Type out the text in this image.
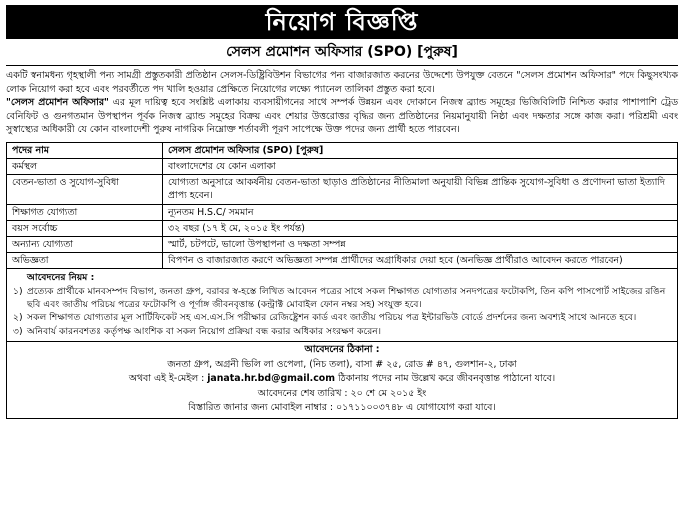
নিয়োগ বিজ্ঞপ্তি
সেলস প্রমোশন অফিসার (SPO) [পুরুষ]
একটি স্বনামধন্য গৃহস্থালী পন্য সামগ্রী প্রস্তুতকারী প্রতিষ্ঠান সেলস-ডিষ্ট্রিবিউশন বিভাগের পন্য বাজারজাত করনের উদ্দেশ্যে উপযুক্ত বেতনে "সেলস প্রমোশন অফিসার" পদে কিছুসংখ্যক লোক নিয়োগ করা হবে এবং পরবর্তীতে পদ খালি হওয়ার প্রেক্ষিতে নিয়োগের লক্ষ্যে প্যানেল তালিকা প্রস্তুত করা হবে।
"সেলস প্রমোশন অফিসার" এর মূল দায়িত্ব হবে সংশ্লিষ্ট এলাকায় ব্যবসায়ীগনের সাথে সম্পর্ক উন্নয়ন এবং দোকানে নিজস্ব ব্র্যান্ড সমূহের ভিজিবিলিটি নিশ্চিত করার পাশাপাশি ট্রেড বেনিফিট ও গুনগতমান উপস্থাপন পূর্বক নিজস্ব ব্র্যান্ড সমূহের বিক্রয় এবং শেয়ার উত্তরোত্তর বৃদ্ধির জন্য প্রতিষ্ঠানের নিয়মানুযায়ী নিষ্ঠা এবং দক্ষতার সঙ্গে কাজ করা। পরিশ্রমী এবং সুস্বাস্থ্যের অধিকারী যে কোন বাংলাদেশী পুরুষ নাগরিক নিম্নোক্ত শর্তাবলী পূরণ সাপেক্ষে উক্ত পদের জন্য প্রার্থী হতে পারবেন।
পদের নাম	সেলস প্রমোশন অফিসার (SPO) [পুরুষ]
কর্মস্থল	বাংলাদেশের যে কোন এলাকা
বেতন-ভাতা ও সুযোগ-সুবিধা	যোগ্যতা অনুসারে আকর্ষনীয় বেতন-ভাতা ছাড়াও প্রতিষ্ঠানের নীতিমালা অনুযায়ী বিভিন্ন প্রান্তিক সুযোগ-সুবিধা ও প্রণোদনা ভাতা ইত্যাদি প্রাপ্য হবেন।
শিক্ষাগত যোগ্যতা	ন্যূনতম H.S.C/ সমমান
বয়স সর্বোচ্চ	৩২ বছর (১৭ ই মে, ২০১৫ ইং পর্যন্ত)
অন্যান্য যোগ্যতা	স্মার্ট, চটপটে, ভালো উপস্থাপনা ও দক্ষতা সম্পন্ন
অভিজ্ঞতা	বিপণন ও বাজারজাত করণে অভিজ্ঞতা সম্পন্ন প্রার্থীদের অগ্রাধিকার দেয়া হবে (অনভিজ্ঞ প্রার্থীরাও আবেদন করতে পারবেন)
আবেদনের নিয়ম :
১) প্রত্যেক প্রার্থীকে মানবসম্পদ বিভাগ, জনতা গ্রুপ, বরাবর স্ব-হস্তে লিখিত আবেদন পত্রের সাথে সকল শিক্ষাগত যোগ্যতার সনদপত্রের ফটোকপি, তিন কপি পাসপোর্ট সাইজের রঙিন ছবি এবং জাতীয় পরিচয় পত্রের ফটোকপি ও পূর্ণাঙ্গ জীবনবৃত্তান্ত (কন্ট্রাক্ট মোবাইল ফোন নম্বর সহ) সংযুক্ত হবে।
২) সকল শিক্ষাগত যোগ্যতার মূল সার্টিফিকেট সহ এস.এস.সি পরীক্ষার রেজিষ্ট্রেশন কার্ড এবং জাতীয় পরিচয় পত্র ইন্টারভিউ বোর্ডে প্রদর্শনের জন্য অবশ্যই সাথে আনতে হবে।
৩) অনিবার্য কারনবশতঃ কর্তৃপক্ষ আংশিক বা সকল নিয়োগ প্রক্রিয়া বন্ধ করার অধিকার সংরক্ষণ করেন।
আবেদনের ঠিকানা :
জনতা গ্রুপ, অগ্রনী ভিলি লা ওপেলা, (নিচ তলা), বাসা # ২৫, রোড # ৪৭, গুলশান-২, ঢাকা
অথবা এই ই-মেইল : janata.hr.bd@gmail.com ঠিকানায় পদের নাম উল্লেখ করে জীবনবৃত্তান্ত পাঠানো যাবে।
আবেদনের শেষ তারিখ : ২০ শে মে ২০১৫ ইং
বিস্তারিত জানার জন্য মোবাইল নাম্বার : ০১৭১১০০৩৭৪৮ এ যোগাযোগ করা যাবে।
